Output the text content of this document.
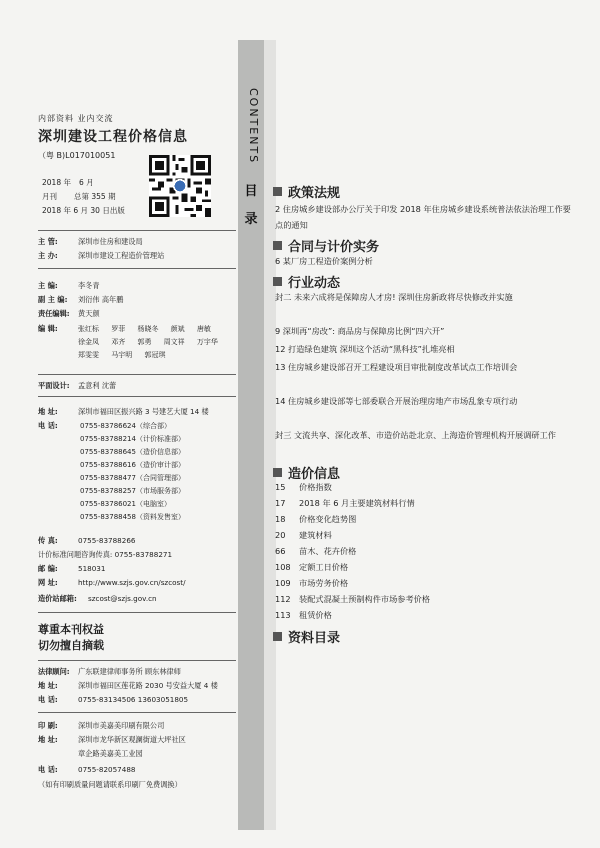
内部资料 业内交流
深圳建设工程价格信息
（粤 B)L017010051
2018 年 6 月
月刊 总第 355 期
2018 年 6 月 30 日出版
主 管:	深圳市住房和建设局
主 办:	深圳市建设工程造价管理站
主 编:	李冬青
副 主 编: 刘衍伟 高年鹏
责任编辑: 黄天颜
编 辑:	张红标 罗菲 杨晓冬 颜斌 唐敏
徐金凤 邓齐 郭勇 周文祥 万宇华
郑雯雯 马宇明 郭冠琪
平面设计: 孟意利 沈蕾
地 址:	深圳市福田区振兴路 3 号建艺大厦 14 楼
电 话:	0755-83786624（综合部）
0755-83788214（计价标准部）
0755-83788645（造价信息部）
0755-83788616（造价审计部）
0755-83788477（合同管理部）
0755-83788257（市场服务部）
0755-83786021（电脑室）
0755-83788458（资料发售室）
传 真:	0755-83788266
计价标准问题咨询传真: 0755-83788271
邮 编:	518031
网 址:	http://www.szjs.gov.cn/szcost/
造价站邮箱: szcost@szjs.gov.cn
尊重本刊权益
切勿擅自摘载
法律顾问: 广东联建律师事务所 顾东林律师
地 址:	深圳市福田区莲花路 2030 号安益大厦 4 楼
电 话:	0755-83134506 13603051805
印 刷:	深圳市美嘉美印刷有限公司
地 址:	深圳市龙华新区观澜街道大坪社区
章企路美嘉美工业园
电 话:	0755-82057488
（如有印刷质量问题请联系印刷厂免费调换）
CONTENTS
目
录
政策法规
2 住房城乡建设部办公厅关于印发 2018 年住房城乡建设系统普法依法治理工作要点的通知
合同与计价实务
6 某厂房工程造价案例分析
行业动态
封二 未来六成将是保障房人才房! 深圳住房新政将尽快修改并实施
9 深圳再“房改”: 商品房与保障房比例“四六开”
12 打造绿色建筑 深圳这个活动“黑科技”扎堆亮相
13 住房城乡建设部召开工程建设项目审批制度改革试点工作培训会
14 住房城乡建设部等七部委联合开展治理房地产市场乱象专项行动
封三 文流共享、深化改革、市造价站赴北京、上海造价管理机构开展调研工作
造价信息
15 价格指数
17 2018 年 6 月主要建筑材料行情
18 价格变化趋势图
20 建筑材料
66 苗木、花卉价格
108 定额工日价格
109 市场劳务价格
112 装配式混凝土预制构件市场参考价格
113 租赁价格
资料目录
